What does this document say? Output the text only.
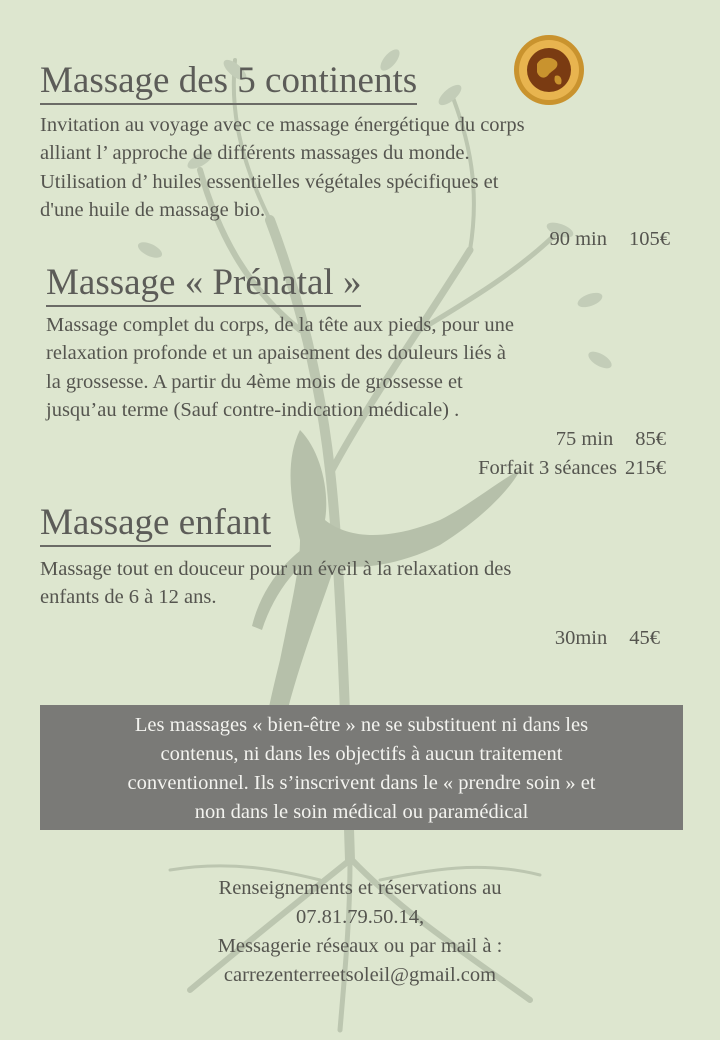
Massage des 5 continents
Invitation au voyage avec ce massage énergétique du corps
alliant l’ approche de différents massages du monde.
Utilisation d’ huiles essentielles végétales spécifiques et
d'une huile de massage bio.
90 min 105€
Massage « Prénatal »
Massage complet du corps, de la tête aux pieds, pour une
relaxation profonde et un apaisement des douleurs liés à
la grossesse. A partir du 4ème mois de grossesse et
jusqu’au terme (Sauf contre-indication médicale) .
75 min 85€
Forfait 3 séances 215€
Massage enfant
Massage tout en douceur pour un éveil à la relaxation des
enfants de 6 à 12 ans.
30min 45€
Les massages « bien-être » ne se substituent ni dans les
contenus, ni dans les objectifs à aucun traitement
conventionnel. Ils s’inscrivent dans le « prendre soin » et
non dans le soin médical ou paramédical
Renseignements et réservations au
07.81.79.50.14,
Messagerie réseaux ou par mail à :
carrezenterreetsoleil@gmail.com
